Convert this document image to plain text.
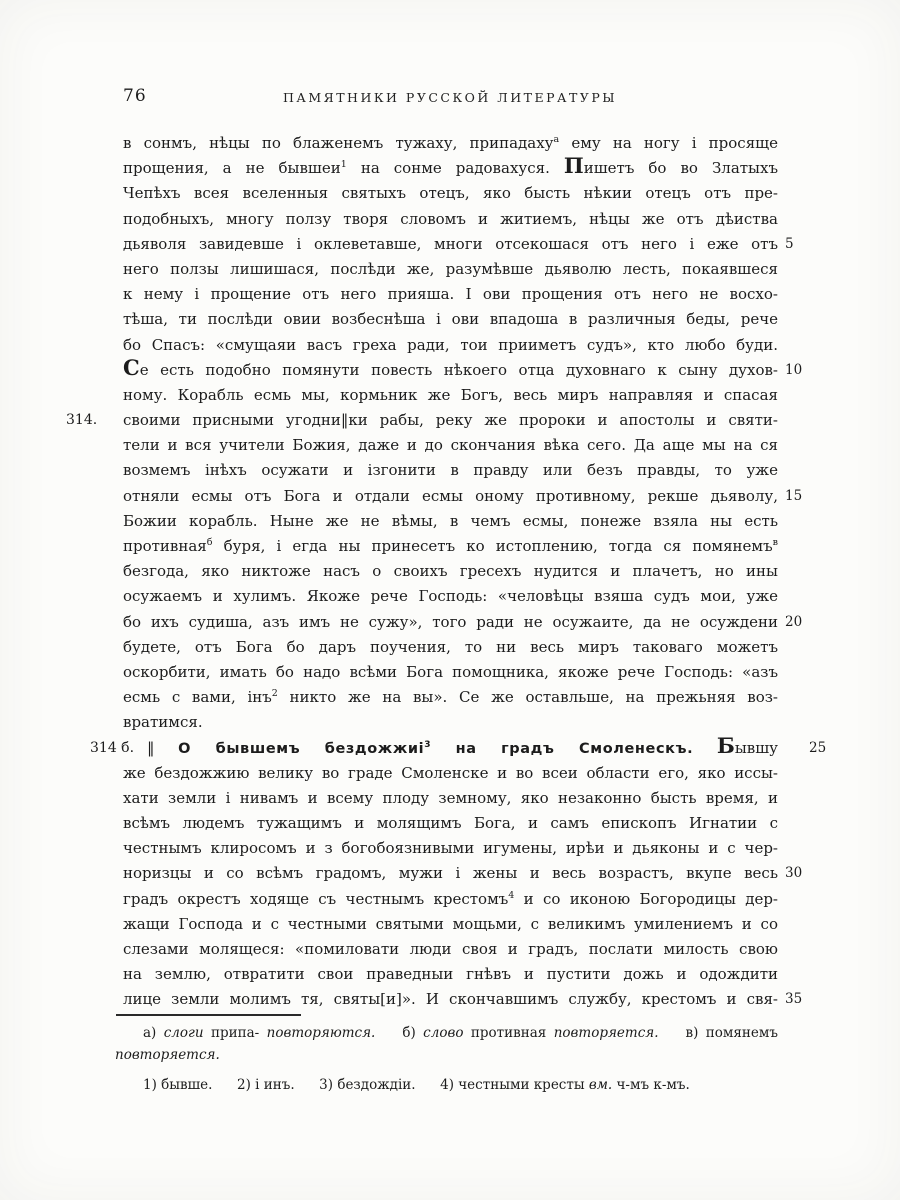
76	ПАМЯТНИКИ РУССКОЙ ЛИТЕРАТУРЫ
в сонмъ, нѣцы по блаженемъ тужаху, припадаху$^а$ ему на ногу і просяще
прощения, а не бывшеи$^1$ на сонме радовахуся. Пишетъ бо во Златыхъ
Чепѣхъ всея вселенныя святыхъ отецъ, яко бысть нѣкии отецъ отъ пре-
подобныхъ, многу ползу творя словомъ и житиемъ, нѣцы же отъ дѣиства
дьяволя завидевше і оклеветавше, многи отсекошася отъ него і еже отъ 5
него ползы лишишася, послѣди же, разумѣвше дьяволю лесть, покаявшеся
к нему і прощение отъ него прияша. І ови прощения отъ него не восхо-
тѣша, ти послѣди овии возбеснѣша і ови впадоша в различныя беды, рече
бо Спасъ: «смущаяи васъ греха ради, тои прииметъ судъ», кто любо буди.
Се есть подобно помянути повесть нѣкоего отца духовнаго к сыну духов- 10
ному. Корабль есмь мы, кормьник же Богъ, весь миръ направляя и спасая
своими присными угодни‖ки рабы, реку же пророки и апостолы и святи-
314.
тели и вся учители Божия, даже и до скончания вѣка сего. Да аще мы на ся
возмемъ інѣхъ осужати и ізгонити в правду или безъ правды, то уже
отняли есмы отъ Бога и отдали есмы оному противному, рекше дьяволу, 15
Божии корабль. Ныне же не вѣмы, в чемъ есмы, понеже взяла ны есть
противная$^б$ буря, і егда ны принесетъ ко истоплению, тогда ся помянемъ$^в$
безгода, яко никтоже насъ о своихъ гресехъ нудится и плачетъ, но ины
осужаемъ и хулимъ. Якоже рече Господь: «человѣцы взяша судъ мои, уже
бо ихъ судиша, азъ имъ не сужу», того ради не осужаите, да не осуждени 20
будете, отъ Бога бо даръ поучения, то ни весь миръ таковаго можетъ
оскорбити, имать бо надо всѣми Бога помощника, якоже рече Господь: «азъ
есмь с вами, інъ$^2$ никто же на вы». Се же оставльше, на прежьняя воз-
вратимся.
‖ О бывшемъ бездожжиі$^3$ на градъ Смоленескъ. Бывшу
314 б.	25
же бездожжию велику во граде Смоленске и во всеи области его, яко иссы-
хати земли і нивамъ и всему плоду земному, яко незаконно бысть время, и
всѣмъ людемъ тужащимъ и молящимъ Бога, и самъ епископъ Игнатии с
честнымъ клиросомъ и з богобоязнивыми игумены, ирѣи и дьяконы и с чер-
норизцы и со всѣмъ градомъ, мужи і жены и весь возрастъ, вкупе весь 30
градъ окрестъ ходяще съ честнымъ крестомъ$^4$ и со иконою Богородицы дер-
жащи Господа и с честными святыми мощьми, с великимъ умилениемъ и со
слезами молящеся: «помиловати люди своя и градъ, послати милость свою
на землю, отвратити свои праведныи гнѣвъ и пустити дожь и одождити
лице земли молимъ тя, святы[и]». И скончавшимъ службу, крестомъ и свя- 35
а) слоги припа- повторяются.   б) слово противная повторяется.   в) помянемъ
повторяется.
1) бывше.   2) і инъ.   3) бездождіи.   4) честными кресты вм. ч-мъ к-мъ.
